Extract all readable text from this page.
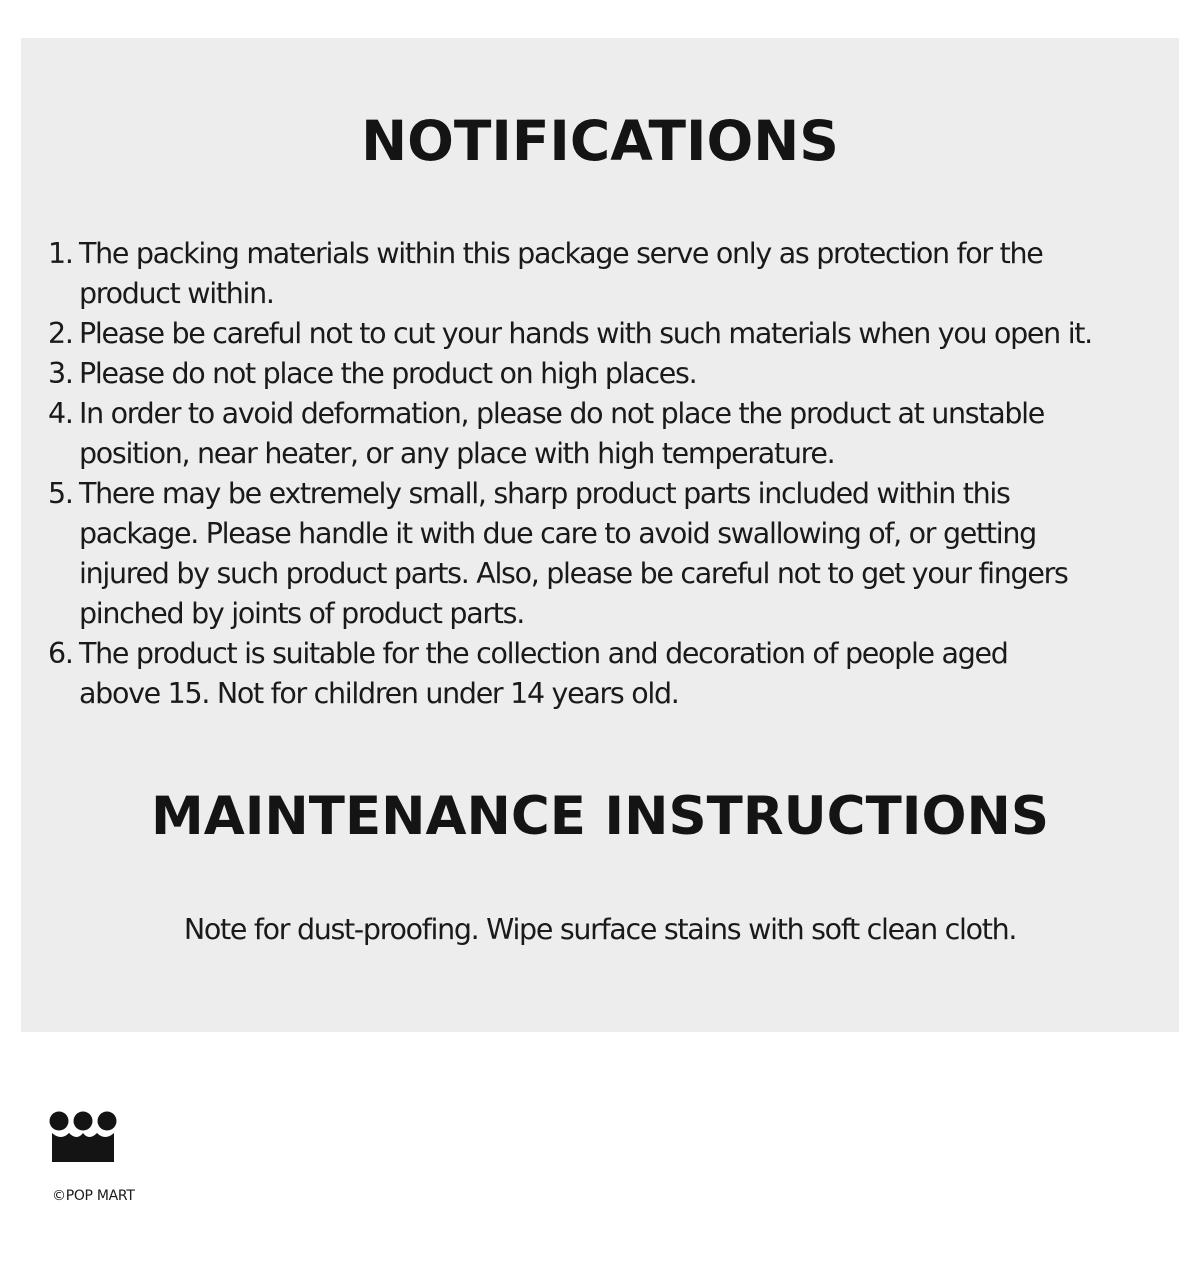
NOTIFICATIONS
1. The packing materials within this package serve only as protection for the
product within.
2. Please be careful not to cut your hands with such materials when you open it.
3. Please do not place the product on high places.
4. In order to avoid deformation, please do not place the product at unstable
position, near heater, or any place with high temperature.
5. There may be extremely small, sharp product parts included within this
package. Please handle it with due care to avoid swallowing of, or getting
injured by such product parts. Also, please be careful not to get your fingers
pinched by joints of product parts.
6. The product is suitable for the collection and decoration of people aged
above 15. Not for children under 14 years old.
MAINTENANCE INSTRUCTIONS

Note for dust-proofing. Wipe surface stains with soft clean cloth.

©POP MART
